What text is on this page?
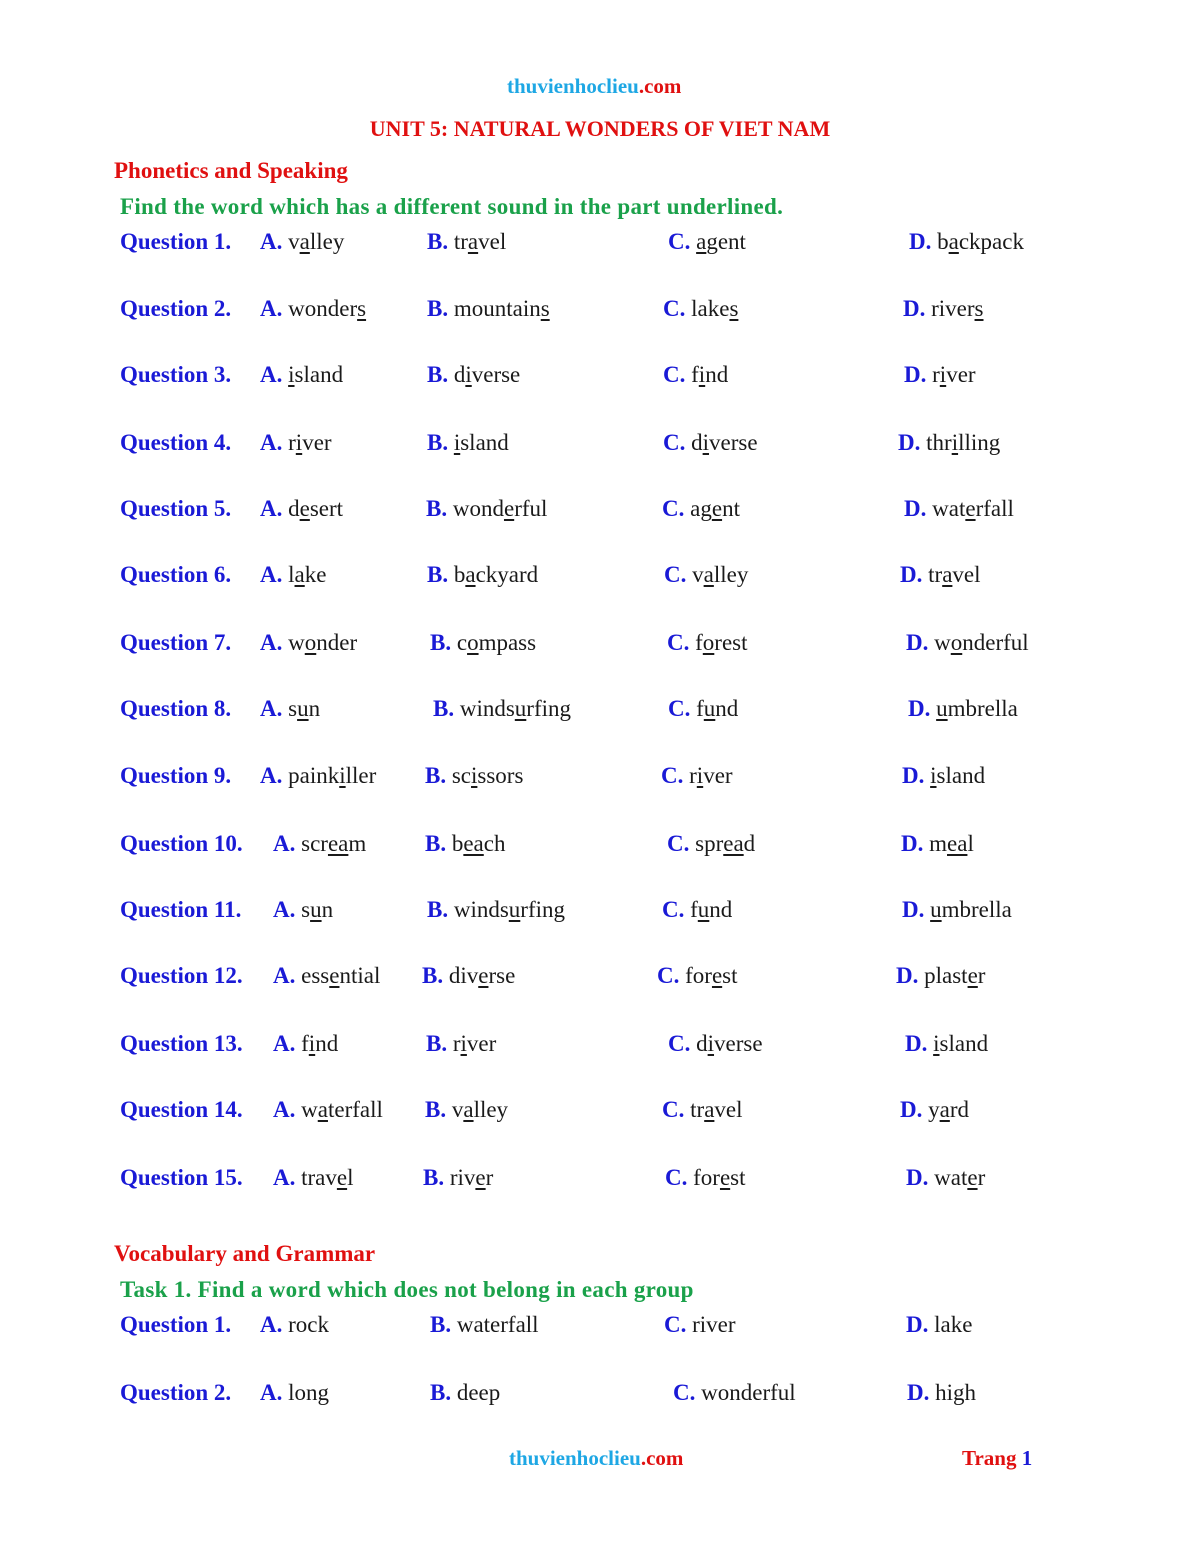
thuvienhoclieu.com
UNIT 5: NATURAL WONDERS OF VIET NAM
Phonetics and Speaking
Find the word which has a different sound in the part underlined.
Question 1. A. valley	B. travel	C. agent	D. backpack
Question 2. A. wonders	B. mountains	C. lakes	D. rivers
Question 3. A. island	B. diverse	C. find	D. river
Question 4. A. river	B. island	C. diverse	D. thrilling
Question 5. A. desert	B. wonderful	C. agent	D. waterfall
Question 6. A. lake	B. backyard	C. valley	D. travel
Question 7. A. wonder	B. compass	C. forest	D. wonderful
Question 8. A. sun	B. windsurfing	C. fund	D. umbrella
Question 9. A. painkiller B. scissors	C. river	D. island
Question 10. A. scream	B. beach	C. spread	D. meal
Question 11. A. sun	B. windsurfing	C. fund	D. umbrella
Question 12. A. essential B. diverse	C. forest	D. plaster
Question 13. A. find	B. river	C. diverse	D. island
Question 14. A. waterfall B. valley	C. travel	D. yard
Question 15. A. travel	B. river	C. forest	D. water
Vocabulary and Grammar
Task 1. Find a word which does not belong in each group
Question 1. A. rock	B. waterfall	C. river	D. lake
Question 2. A. long	B. deep	C. wonderful	D. high
thuvienhoclieu.com	Trang 1
